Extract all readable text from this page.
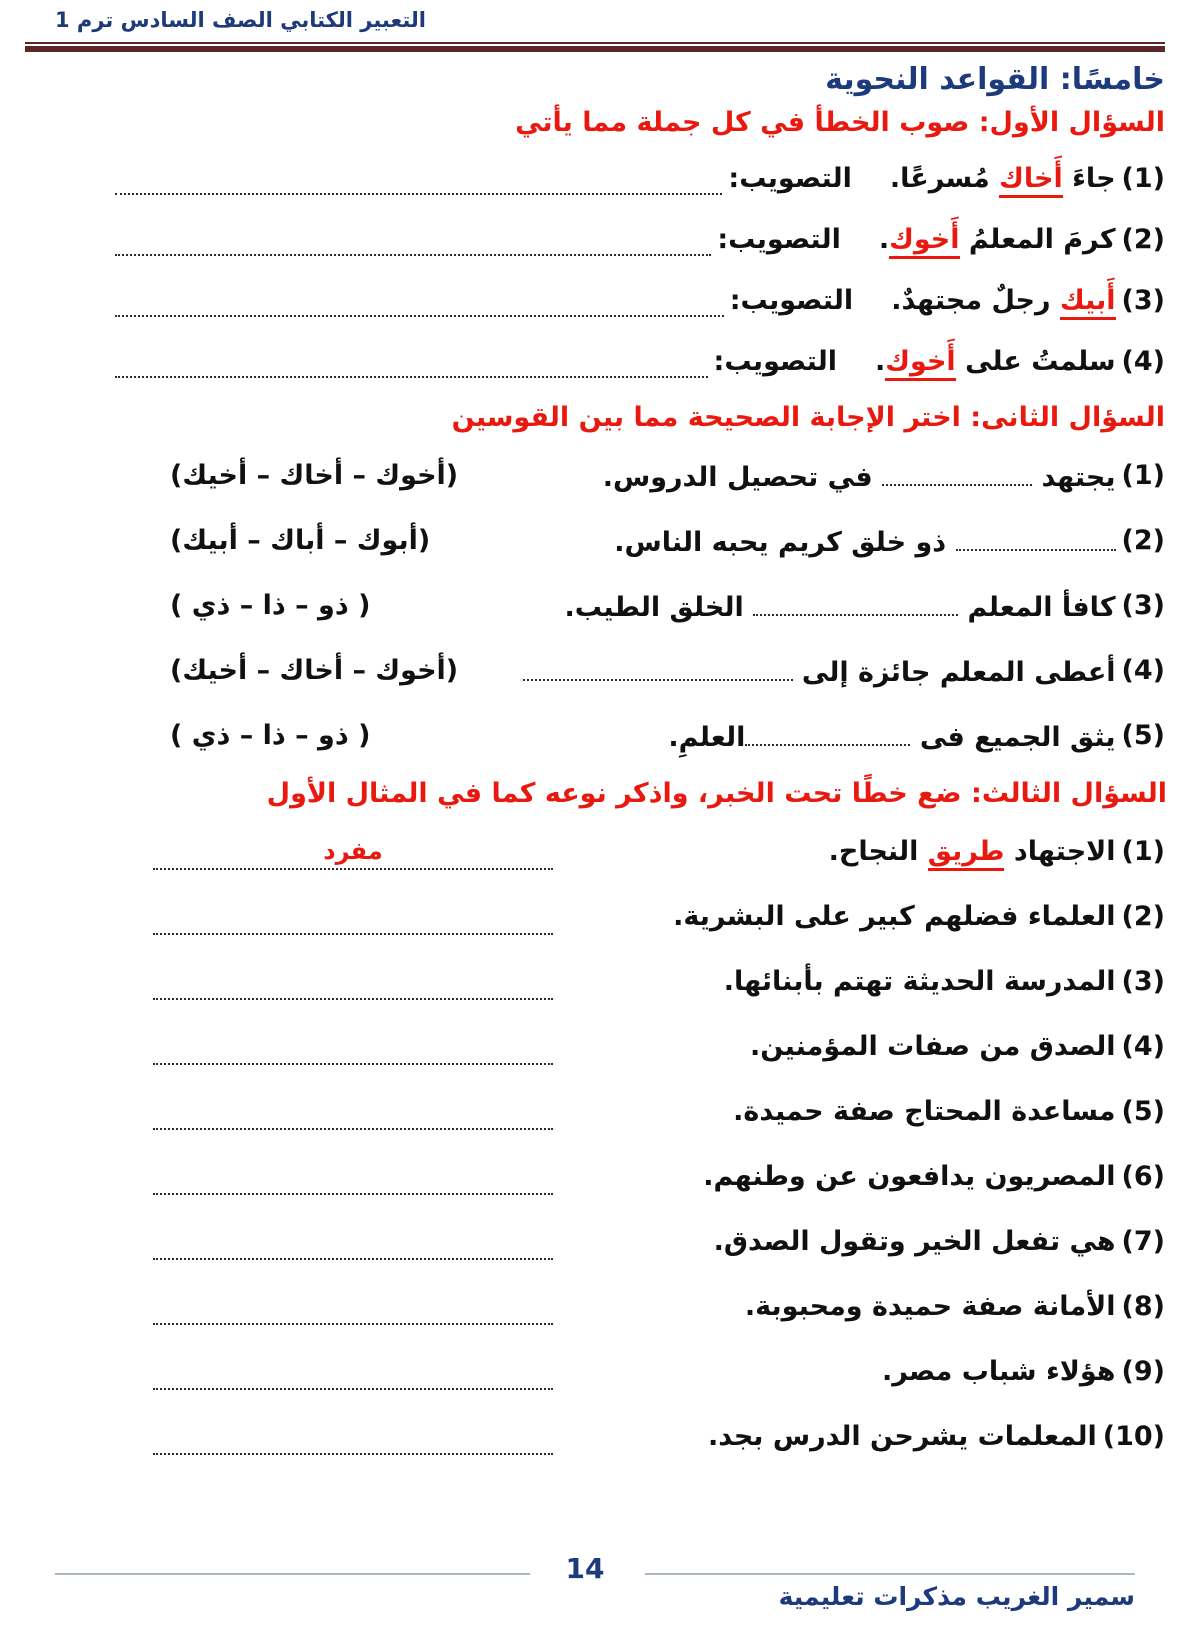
التعبير الكتابي الصف السادس ترم 1
خامسًا: القواعد النحوية
السؤال الأول: صوب الخطأ في كل جملة مما يأتي
(1)
جاءَ أَخاك مُسرعًا.
التصويب:
(2)
كرمَ المعلمُ أَخوك.
التصويب:
(3)
أَبيك رجلٌ مجتهدٌ.
التصويب:
(4)
سلمتُ على أَخوك.
التصويب:
السؤال الثانى: اختر الإجابة الصحيحة مما بين القوسين
(1)
يجتهد  في تحصيل الدروس.
(أخوك – أخاك – أخيك)
(2)
ذو خلق كريم يحبه الناس.
(أبوك – أباك – أبيك)
(3)
كافأ المعلم  الخلق الطيب.
( ذو – ذا – ذي )
(4)
أعطى المعلم جائزة إلى
(أخوك – أخاك – أخيك)
(5)
يثق الجميع فى العلمِ.
( ذو – ذا – ذي )
السؤال الثالث: ضع خطًا تحت الخبر، واذكر نوعه كما في المثال الأول
(1)
الاجتهاد طريق النجاح.
مفرد
(2)
العلماء فضلهم كبير على البشرية.
(3)
المدرسة الحديثة تهتم بأبنائها.
(4)
الصدق من صفات المؤمنين.
(5)
مساعدة المحتاج صفة حميدة.
(6)
المصريون يدافعون عن وطنهم.
(7)
هي تفعل الخير وتقول الصدق.
(8)
الأمانة صفة حميدة ومحبوبة.
(9)
هؤلاء شباب مصر.
(10)
المعلمات يشرحن الدرس بجد.
14
سمير الغريب مذكرات تعليمية
